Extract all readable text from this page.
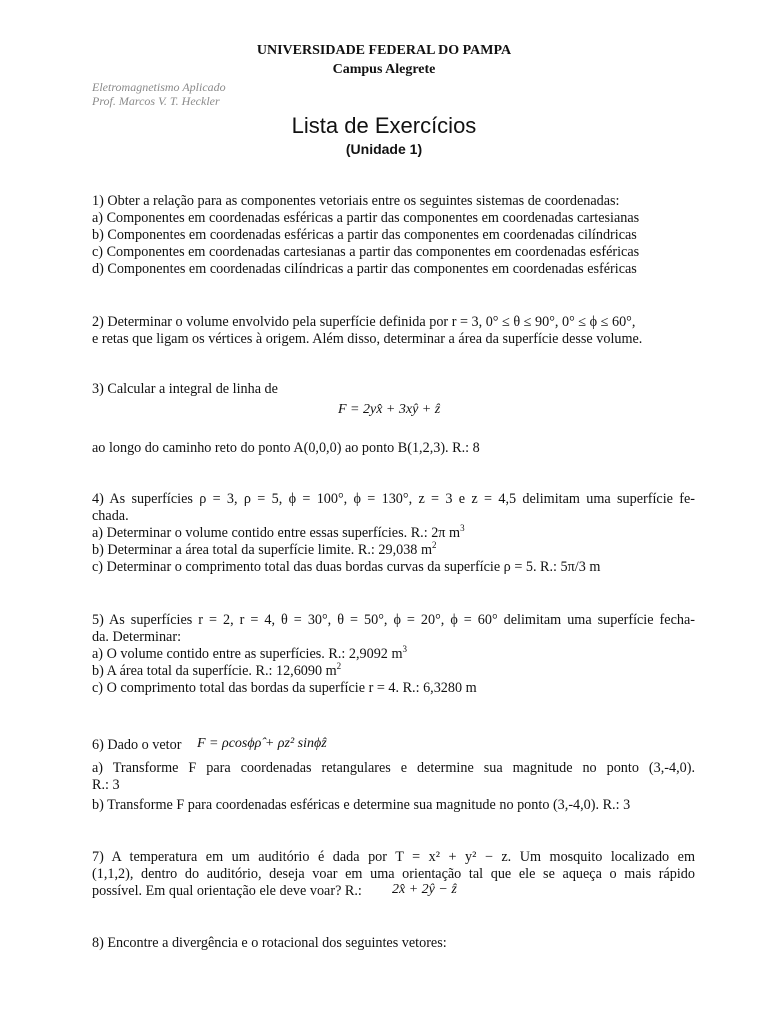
UNIVERSIDADE FEDERAL DO PAMPA
Campus Alegrete
Eletromagnetismo Aplicado
Prof. Marcos V. T. Heckler
Lista de Exercícios
(Unidade 1)
1) Obter a relação para as componentes vetoriais entre os seguintes sistemas de coordenadas:
a) Componentes em coordenadas esféricas a partir das componentes em coordenadas cartesianas
b) Componentes em coordenadas esféricas a partir das componentes em coordenadas cilíndricas
c) Componentes em coordenadas cartesianas a partir das componentes em coordenadas esféricas
d) Componentes em coordenadas cilíndricas a partir das componentes em coordenadas esféricas
2) Determinar o volume envolvido pela superfície definida por r = 3, 0° ≤ θ ≤ 90°, 0° ≤ ϕ ≤ 60°,
e retas que ligam os vértices à origem. Além disso, determinar a área da superfície desse volume.
3) Calcular a integral de linha de
F = 2yx̂ + 3xŷ + ẑ
ao longo do caminho reto do ponto A(0,0,0) ao ponto B(1,2,3). R.: 8
4) As superfícies ρ = 3, ρ = 5, ϕ = 100°, ϕ = 130°, z = 3 e z = 4,5 delimitam uma superfície fe-
chada.
a) Determinar o volume contido entre essas superfícies. R.: 2π $m^3$
b) Determinar a área total da superfície limite. R.: 29,038 $m^2$
c) Determinar o comprimento total das duas bordas curvas da superfície ρ = 5. R.: 5π/3 m
5) As superfícies r = 2, r = 4, θ = 30°, θ = 50°, ϕ = 20°, ϕ = 60° delimitam uma superfície fecha-
da. Determinar:
a) O volume contido entre as superfícies. R.: 2,9092 $m^3$
b) A área total da superfície. R.: 12,6090 $m^2$
c) O comprimento total das bordas da superfície r = 4. R.: 6,3280 m
6) Dado o vetor F = ρcosϕρ̂ + ρz² sinϕẑ
a) Transforme F para coordenadas retangulares e determine sua magnitude no ponto (3,-4,0).
R.: 3
b) Transforme F para coordenadas esféricas e determine sua magnitude no ponto (3,-4,0). R.: 3
7) A temperatura em um auditório é dada por T = x² + y² − z. Um mosquito localizado em
(1,1,2), dentro do auditório, deseja voar em uma orientação tal que ele se aqueça o mais rápido
possível. Em qual orientação ele deve voar? R.: 2x̂ + 2ŷ − ẑ
8) Encontre a divergência e o rotacional dos seguintes vetores:
